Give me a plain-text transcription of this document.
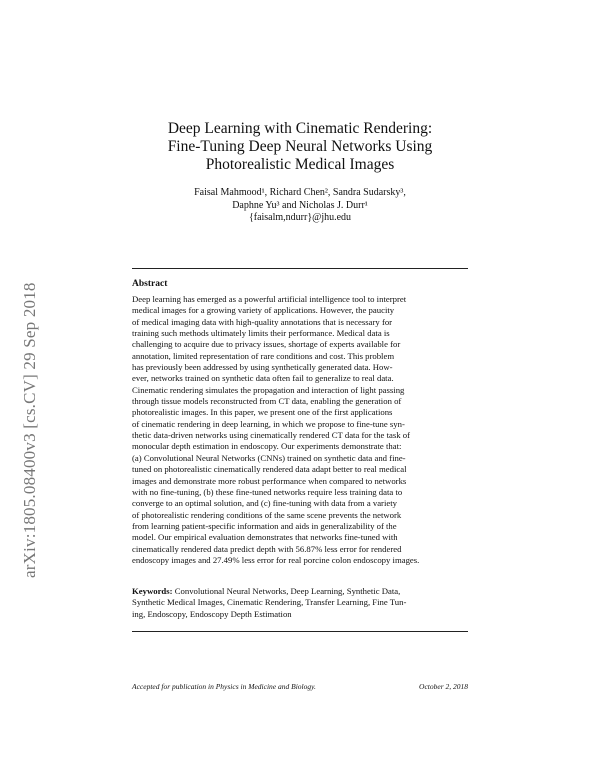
arXiv:1805.08400v3 [cs.CV] 29 Sep 2018
Deep Learning with Cinematic Rendering:
Fine-Tuning Deep Neural Networks Using
Photorealistic Medical Images
Faisal Mahmood¹, Richard Chen², Sandra Sudarsky³,
Daphne Yu³ and Nicholas J. Durr¹
{faisalm,ndurr}@jhu.edu
Abstract
Deep learning has emerged as a powerful artificial intelligence tool to interpret
medical images for a growing variety of applications. However, the paucity
of medical imaging data with high-quality annotations that is necessary for
training such methods ultimately limits their performance. Medical data is
challenging to acquire due to privacy issues, shortage of experts available for
annotation, limited representation of rare conditions and cost. This problem
has previously been addressed by using synthetically generated data. How-
ever, networks trained on synthetic data often fail to generalize to real data.
Cinematic rendering simulates the propagation and interaction of light passing
through tissue models reconstructed from CT data, enabling the generation of
photorealistic images. In this paper, we present one of the first applications
of cinematic rendering in deep learning, in which we propose to fine-tune syn-
thetic data-driven networks using cinematically rendered CT data for the task of
monocular depth estimation in endoscopy. Our experiments demonstrate that:
(a) Convolutional Neural Networks (CNNs) trained on synthetic data and fine-
tuned on photorealistic cinematically rendered data adapt better to real medical
images and demonstrate more robust performance when compared to networks
with no fine-tuning, (b) these fine-tuned networks require less training data to
converge to an optimal solution, and (c) fine-tuning with data from a variety
of photorealistic rendering conditions of the same scene prevents the network
from learning patient-specific information and aids in generalizability of the
model. Our empirical evaluation demonstrates that networks fine-tuned with
cinematically rendered data predict depth with 56.87% less error for rendered
endoscopy images and 27.49% less error for real porcine colon endoscopy images.
Keywords: Convolutional Neural Networks, Deep Learning, Synthetic Data,
Synthetic Medical Images, Cinematic Rendering, Transfer Learning, Fine Tun-
ing, Endoscopy, Endoscopy Depth Estimation
Accepted for publication in Physics in Medicine and Biology.	October 2, 2018
